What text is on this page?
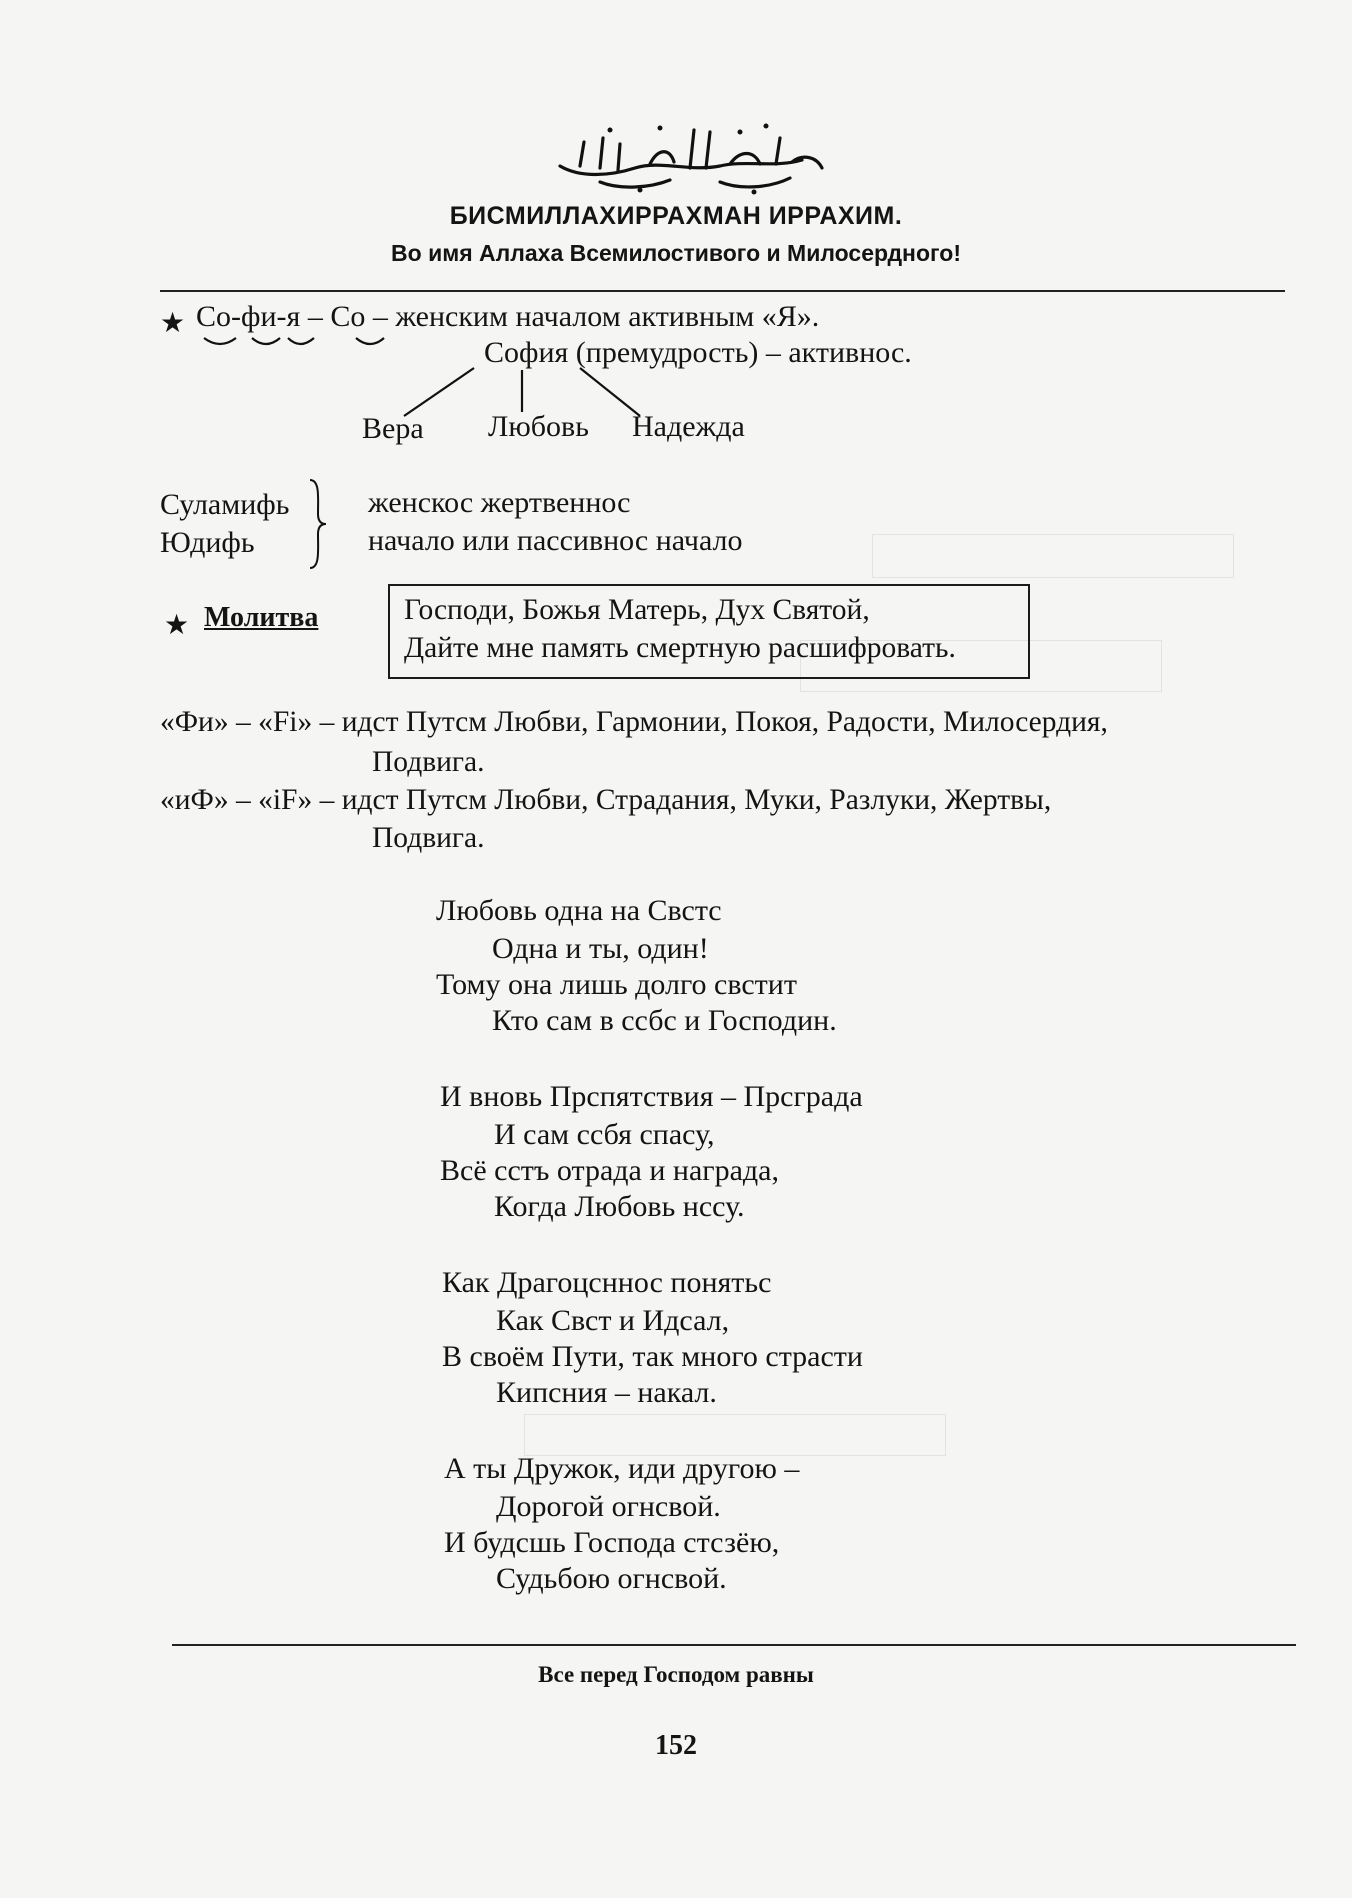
بِسْمِ اللهِ الرَّحْمٰنِ الرَّحِيمِ
БИСМИЛЛАХИРРАХМАН ИРРАХИМ.
Во имя Аллаха Всемилостивого и Милосердного!
★ Со-фи-я – Со – женским началом активным «Я».
София (премудрость) – активнос.
Вера Любовь Надежда
Суламифь
Юдифь
женскос жертвеннос
начало или пассивнос начало
★ Молитва	Господи, Божья Матерь, Дух Святой,
Дайте мне память смертную расшифровать.
«Фи» – «Fi» – идст Путсм Любви, Гармонии, Покоя, Радости, Милосердия,
Подвига.
«иФ» – «iF» – идст Путсм Любви, Страдания, Муки, Разлуки, Жертвы,
Подвига.
Любовь одна на Свстс
Одна и ты, один!
Тому она лишь долго свстит
Кто сам в ссбс и Господин.
И вновь Прспятствия – Прсграда
И сам ссбя спасу,
Всё сстъ отрада и награда,
Когда Любовь нссу.
Как Драгоцсннос понятьс
Как Свст и Идсал,
В своём Пути, так много страсти
Кипсния – накал.
А ты Дружок, иди другою –
Дорогой огнсвой.
И будсшь Господа стсзёю,
Судьбою огнсвой.
Все перед Господом равны
152
